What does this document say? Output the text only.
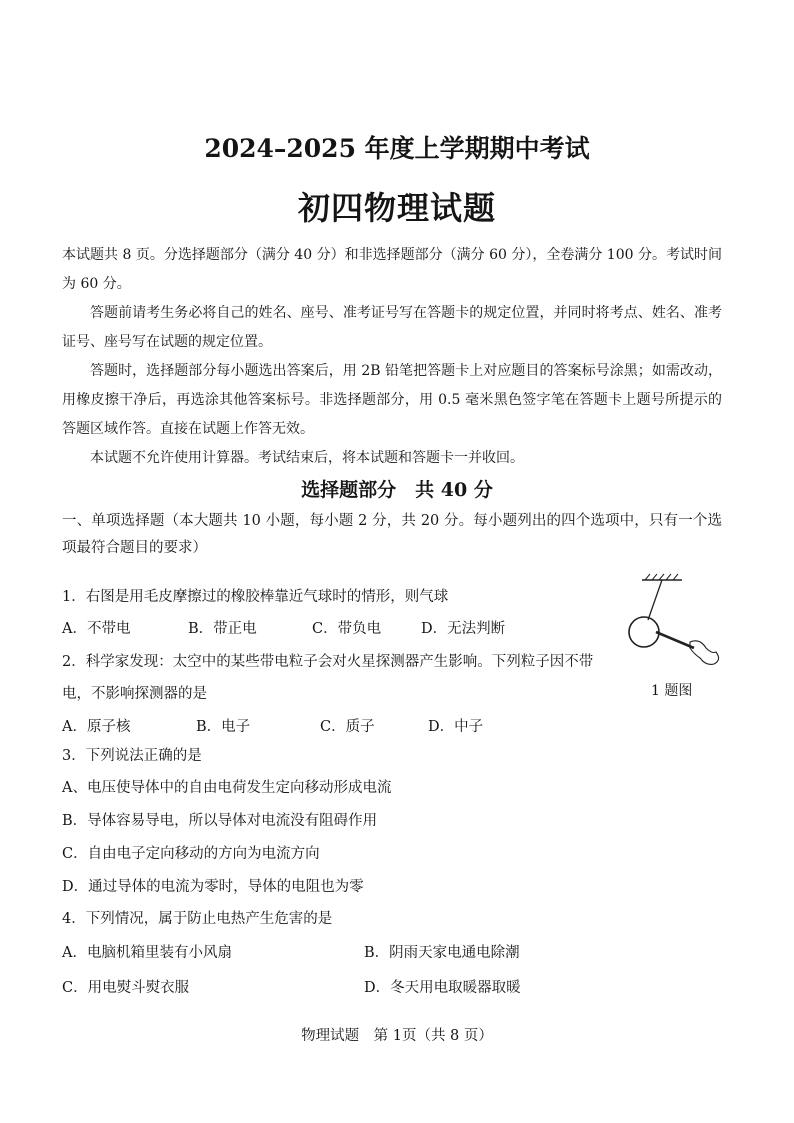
2024–2025 年度上学期期中考试
初四物理试题

本试题共 8 页。分选择题部分（满分 40 分）和非选择题部分（满分 60 分），全卷满分 100 分。考试时间为 60 分。

答题前请考生务必将自己的姓名、座号、准考证号写在答题卡的规定位置，并同时将考点、姓名、准考证号、座号写在试题的规定位置。

答题时，选择题部分每小题选出答案后，用 2B 铅笔把答题卡上对应题目的答案标号涂黑；如需改动，用橡皮擦干净后，再选涂其他答案标号。非选择题部分，用 0.5 毫米黑色签字笔在答题卡上题号所提示的答题区域作答。直接在试题上作答无效。

本试题不允许使用计算器。考试结束后，将本试题和答题卡一并收回。

选择题部分　共 40 分

一、单项选择题（本大题共 10 小题，每小题 2 分，共 20 分。每小题列出的四个选项中，只有一个选项最符合题目的要求）

1．右图是用毛皮摩擦过的橡胶棒靠近气球时的情形，则气球
A．不带电	B．带正电	C．带负电	D．无法判断
1 题图
2．科学家发现：太空中的某些带电粒子会对火星探测器产生影响。下列粒子因不带
电，不影响探测器的是
A．原子核	B．电子	C．质子	D．中子
3．下列说法正确的是
A、电压使导体中的自由电荷发生定向移动形成电流
B．导体容易导电，所以导体对电流没有阻碍作用
C．自由电子定向移动的方向为电流方向
D．通过导体的电流为零时，导体的电阻也为零
4．下列情况，属于防止电热产生危害的是
A．电脑机箱里装有小风扇	B．阴雨天家电通电除潮
C．用电熨斗熨衣服	D．冬天用电取暖器取暖
物理试题　第 1页（共 8 页）
